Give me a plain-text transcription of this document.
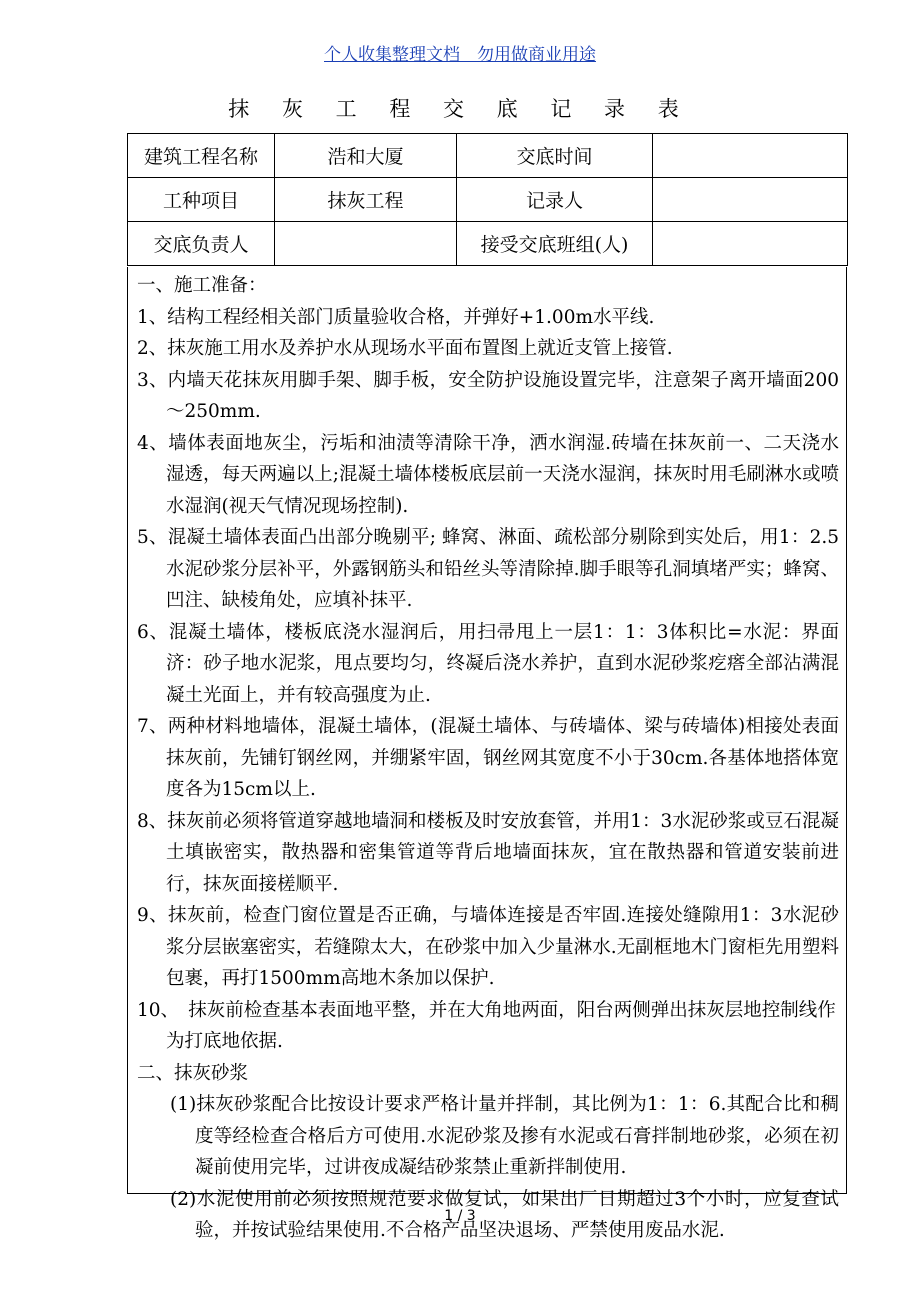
个人收集整理文档　勿用做商业用途
抹 灰 工 程 交 底 记 录 表
建筑工程名称	浩和大厦	交底时间	
工种项目	抹灰工程	记录人	
交底负责人		接受交底班组(人)	

一、施工准备：

1、结构工程经相关部门质量验收合格，并弹好+1.00m水平线.

2、抹灰施工用水及养护水从现场水平面布置图上就近支管上接管.

3、内墙天花抹灰用脚手架、脚手板，安全防护设施设置完毕，注意架子离开墙面200～250mm.

4、墙体表面地灰尘，污垢和油渍等清除干净，洒水润湿.砖墙在抹灰前一、二天浇水湿透，每天两遍以上;混凝土墙体楼板底层前一天浇水湿润，抹灰时用毛刷淋水或喷水湿润(视天气情况现场控制).

5、混凝土墙体表面凸出部分晚剔平; 蜂窝、淋面、疏松部分剔除到实处后，用1：2.5水泥砂浆分层补平，外露钢筋头和铅丝头等清除掉.脚手眼等孔洞填堵严实；蜂窝、凹注、缺棱角处，应填补抹平.

6、混凝土墙体，楼板底浇水湿润后，用扫帚甩上一层1：1：3体积比=水泥：界面济：砂子地水泥浆，甩点要均匀，终凝后浇水养护，直到水泥砂浆疙瘩全部沾满混凝土光面上，并有较高强度为止.

7、两种材料地墙体，混凝土墙体，(混凝土墙体、与砖墙体、梁与砖墙体)相接处表面抹灰前，先铺钉钢丝网，并绷紧牢固，钢丝网其宽度不小于30cm.各基体地搭体宽度各为15cm以上.

8、抹灰前必须将管道穿越地墙洞和楼板及时安放套管，并用1：3水泥砂浆或豆石混凝土填嵌密实，散热器和密集管道等背后地墙面抹灰，宜在散热器和管道安装前进行，抹灰面接槎顺平.

9、抹灰前，检查门窗位置是否正确，与墙体连接是否牢固.连接处缝隙用1：3水泥砂浆分层嵌塞密实，若缝隙太大，在砂浆中加入少量淋水.无副框地木门窗柜先用塑料包裹，再打1500mm高地木条加以保护.

10、　抹灰前检查基本表面地平整，并在大角地两面，阳台两侧弹出抹灰层地控制线作为打底地依据.

二、抹灰砂浆

(1)抹灰砂浆配合比按设计要求严格计量并拌制，其比例为1：1：6.其配合比和稠度等经检查合格后方可使用.水泥砂浆及掺有水泥或石膏拌制地砂浆，必须在初凝前使用完毕，过讲夜成凝结砂浆禁止重新拌制使用.

(2)水泥使用前必须按照规范要求做复试，如果出厂日期超过3个小时，应复查试验，并按试验结果使用.不合格产品坚决退场、严禁使用废品水泥.

1 / 3
